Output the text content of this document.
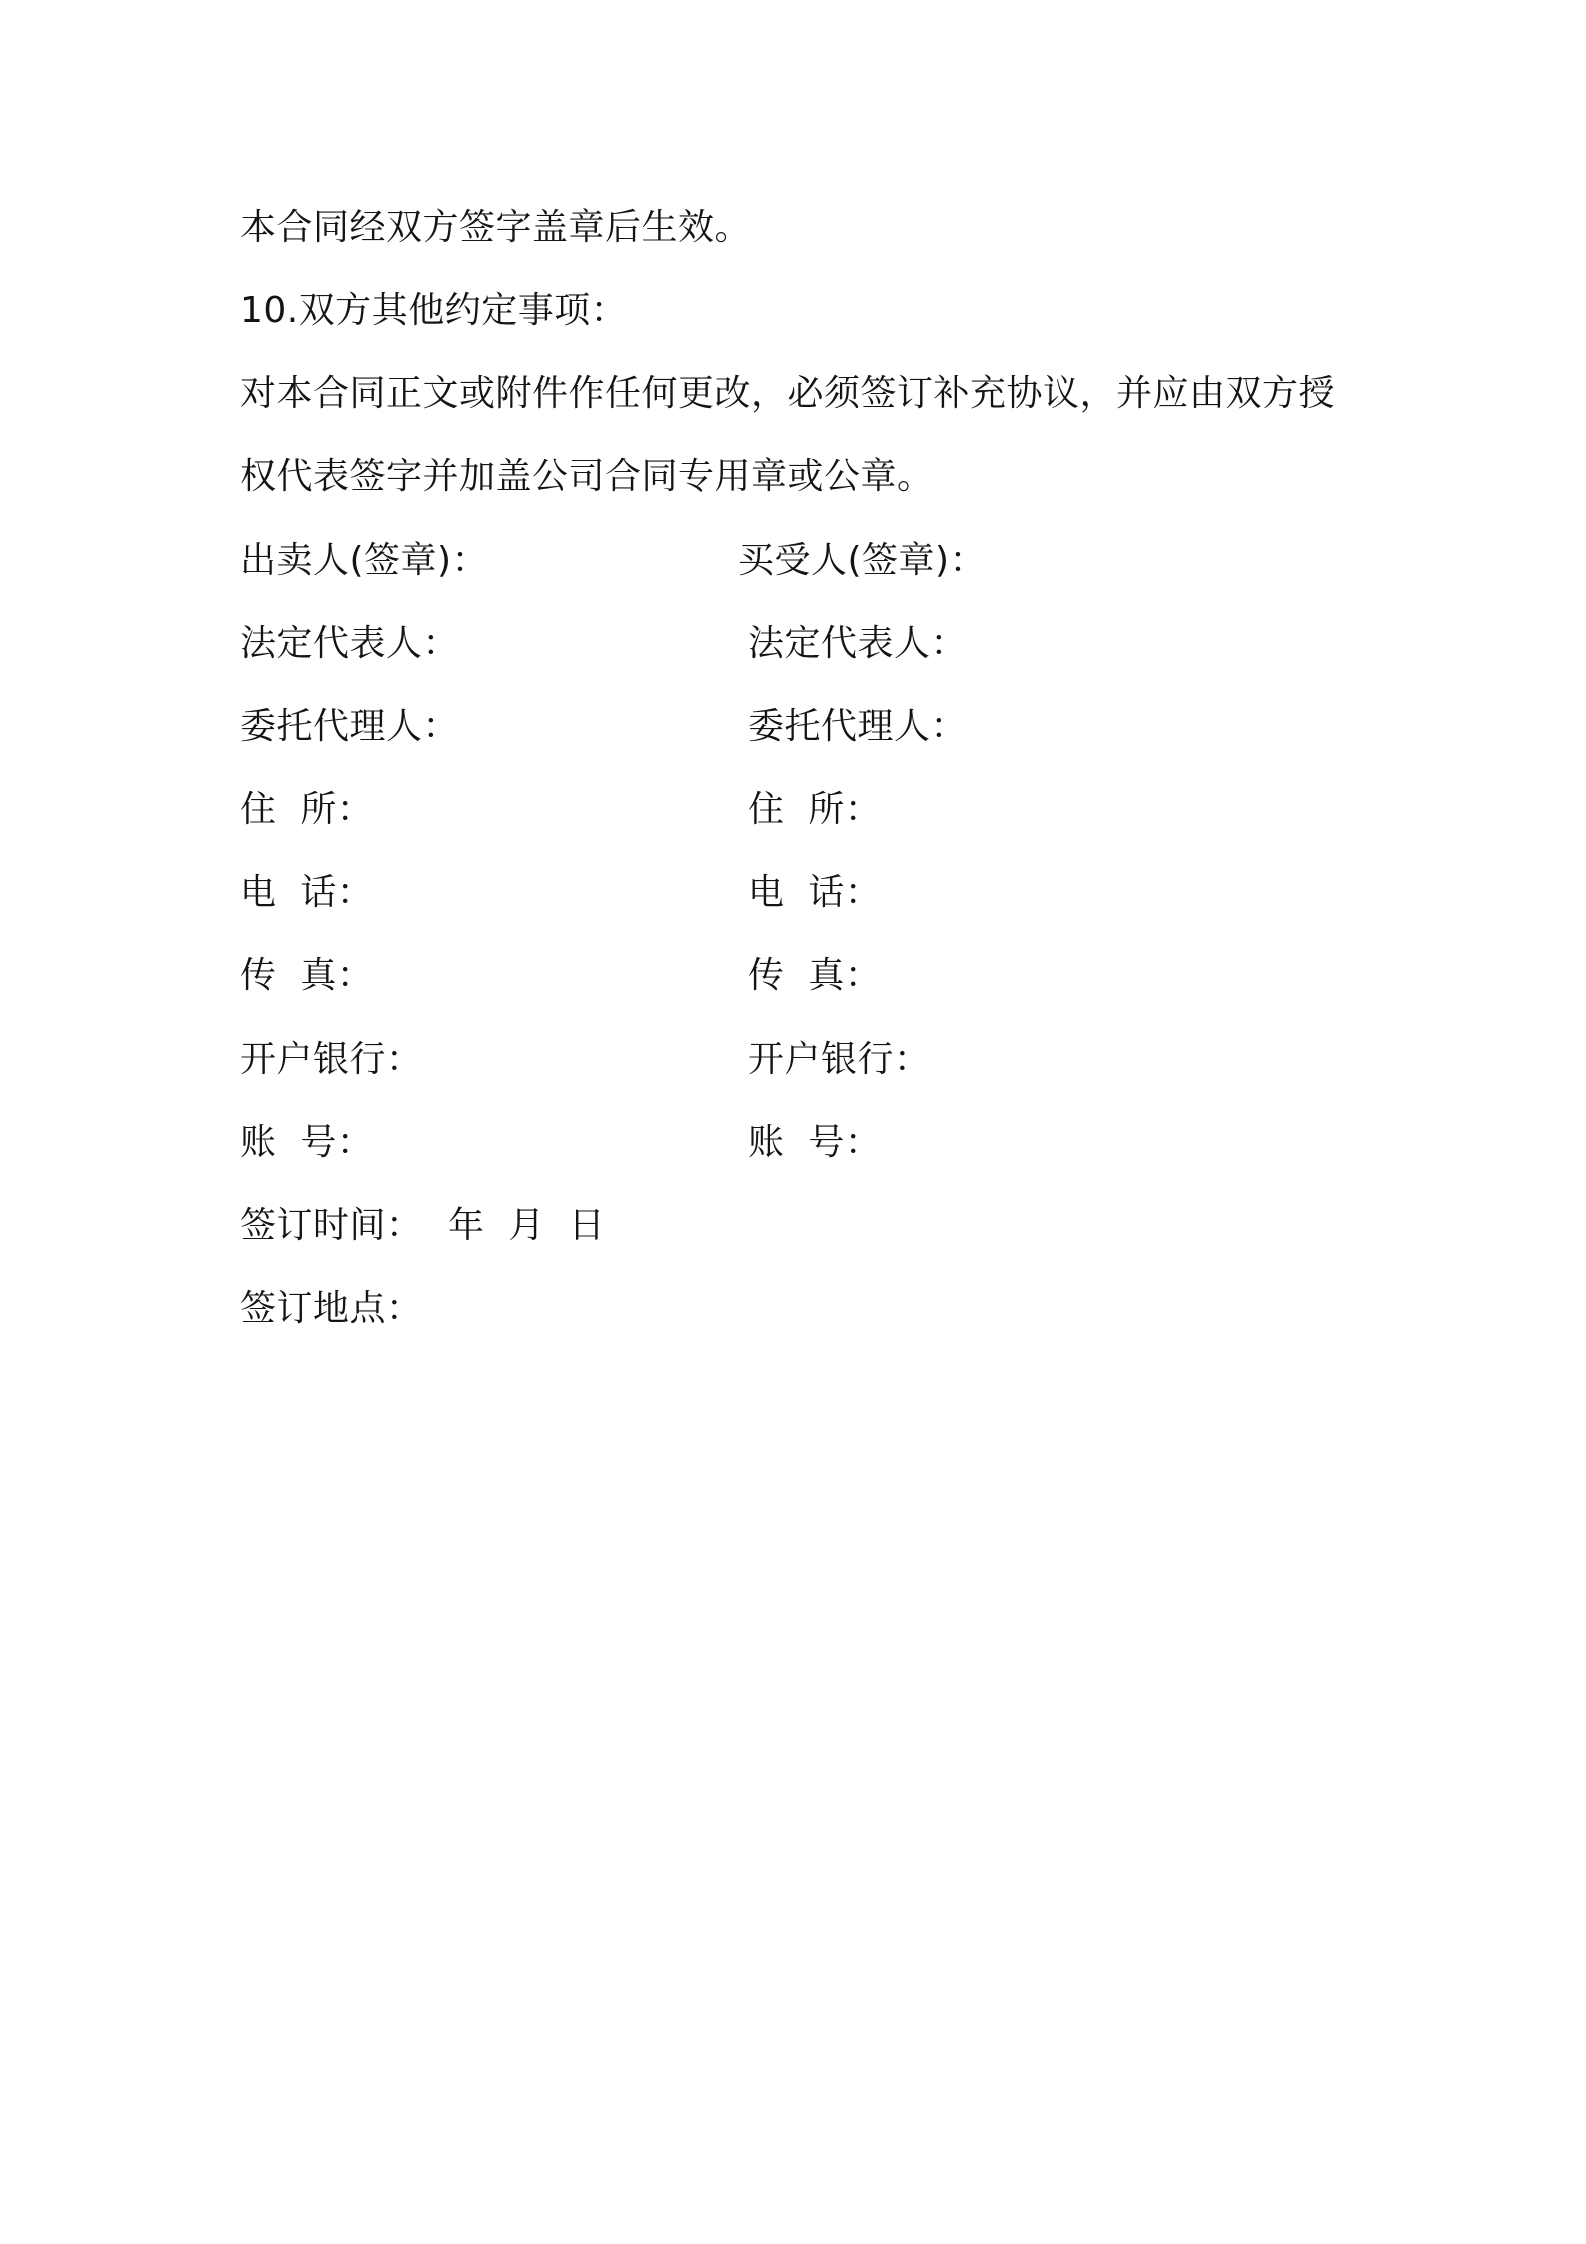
本合同经双方签字盖章后生效。
10.双方其他约定事项：
对本合同正文或附件作任何更改，必须签订补充协议，并应由双方授
权代表签字并加盖公司合同专用章或公章。
出卖人(签章)：	买受人(签章)：
法定代表人：	法定代表人：
委托代理人：	委托代理人：
住  所：	住  所：
电  话：	电  话：
传  真：	传  真：
开户银行：	开户银行：
账  号：	账  号：
签订时间： 年  月  日
签订地点：
